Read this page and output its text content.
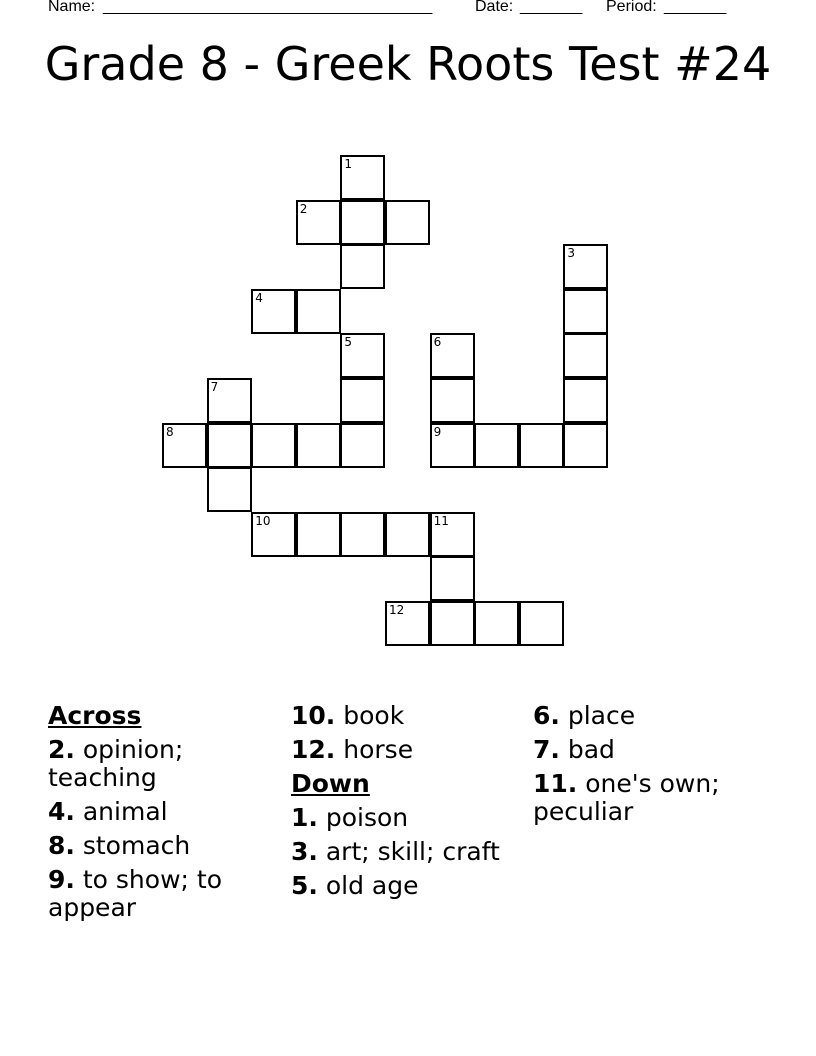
Name:

_____________________________________

	Date:

_______

Period:

_______

Grade 8 - Greek Roots Test #24
1
2
3
4
5	6
7
8	9
10	11
12
Across
2. opinion; teaching
4. animal
8. stomach
9. to show; to appear
10. book
12. horse
Down
1. poison
3. art; skill; craft
5. old age
6. place
7. bad
11. one's own; peculiar
